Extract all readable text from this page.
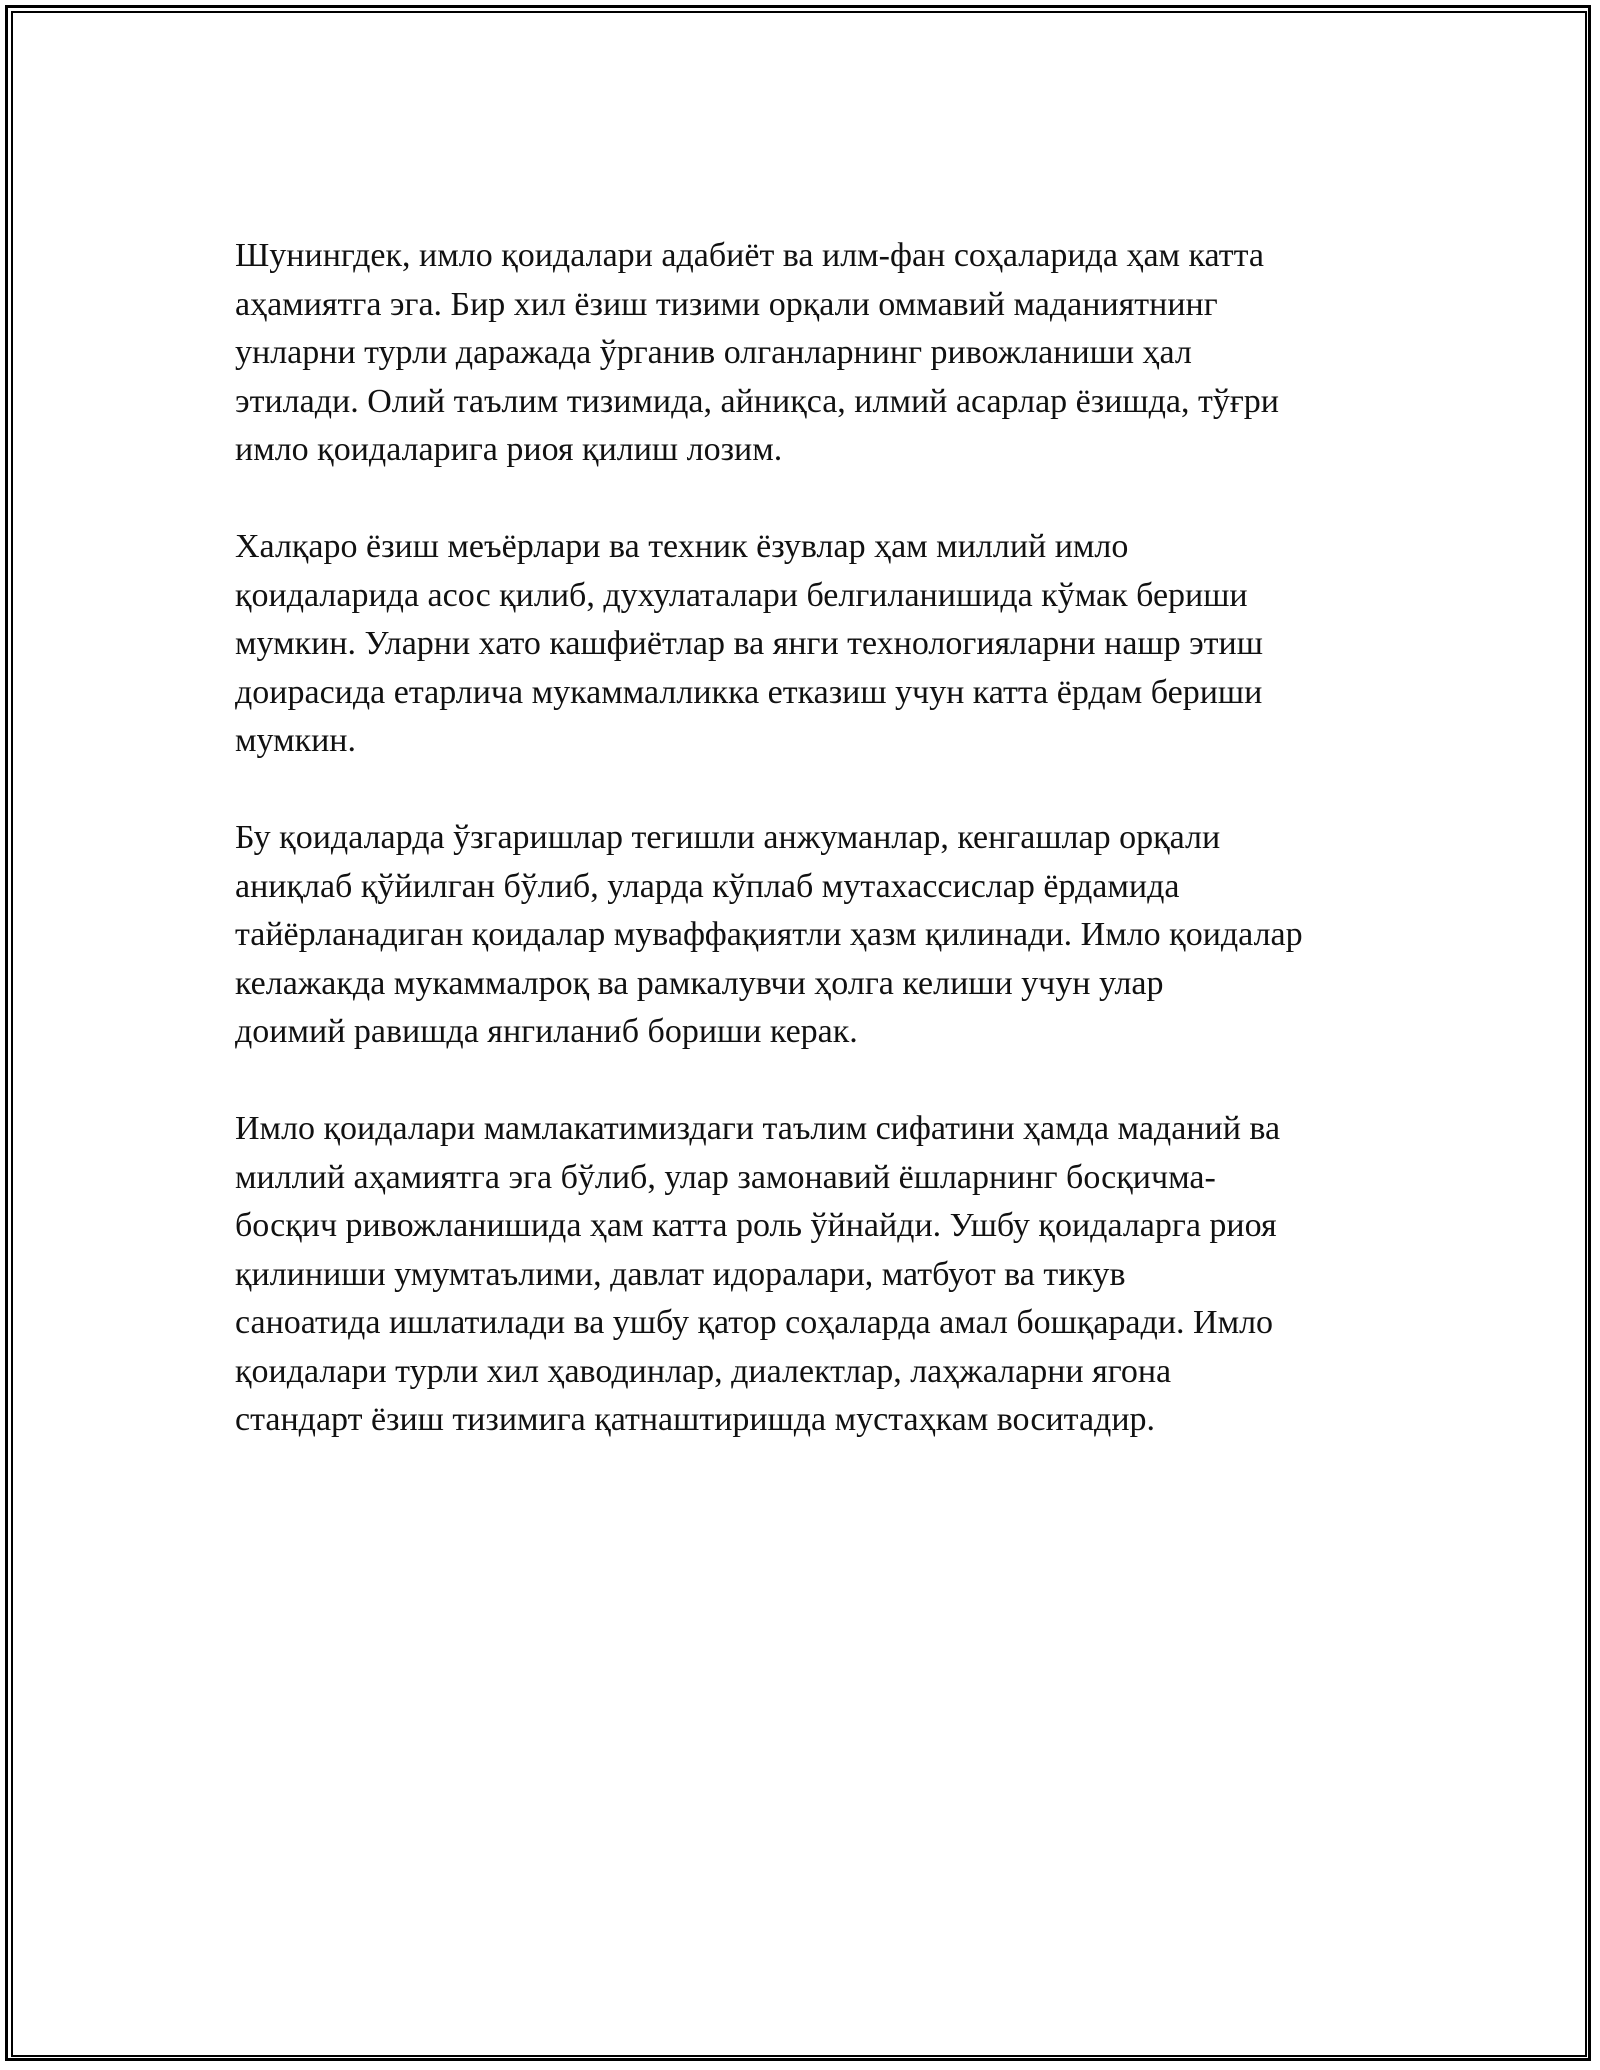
Шунингдек, имло қоидалари адабиёт ва илм-фан соҳаларида ҳам катта
аҳамиятга эга. Бир хил ёзиш тизими орқали оммавий маданиятнинг
унларни турли даражада ўрганив олганларнинг ривожланиши ҳал
этилади. Олий таълим тизимида, айниқса, илмий асарлар ёзишда, тўғри
имло қоидаларига риоя қилиш лозим.

Халқаро ёзиш меъёрлари ва техник ёзувлар ҳам миллий имло
қоидаларида асос қилиб, духулаталари белгиланишида кўмак бериши
мумкин. Уларни хато кашфиётлар ва янги технологияларни нашр этиш
доирасида етарлича мукаммалликка етказиш учун катта ёрдам бериши
мумкин.

Бу қоидаларда ўзгаришлар тегишли анжуманлар, кенгашлар орқали
аниқлаб қўйилган бўлиб, уларда кўплаб мутахассислар ёрдамида
тайёрланадиган қоидалар муваффақиятли ҳазм қилинади. Имло қоидалар
келажакда мукаммалроқ ва рамкалувчи ҳолга келиши учун улар
доимий равишда янгиланиб бориши керак.

Имло қоидалари мамлакатимиздаги таълим сифатини ҳамда маданий ва
миллий аҳамиятга эга бўлиб, улар замонавий ёшларнинг босқичма-
босқич ривожланишида ҳам катта роль ўйнайди. Ушбу қоидаларга риоя
қилиниши умумтаълими, давлат идоралари, матбуот ва тикув
саноатида ишлатилади ва ушбу қатор соҳаларда амал бошқаради. Имло
қоидалари турли хил ҳаводинлар, диалектлар, лаҳжаларни ягона
стандарт ёзиш тизимига қатнаштиришда мустаҳкам воситадир.
